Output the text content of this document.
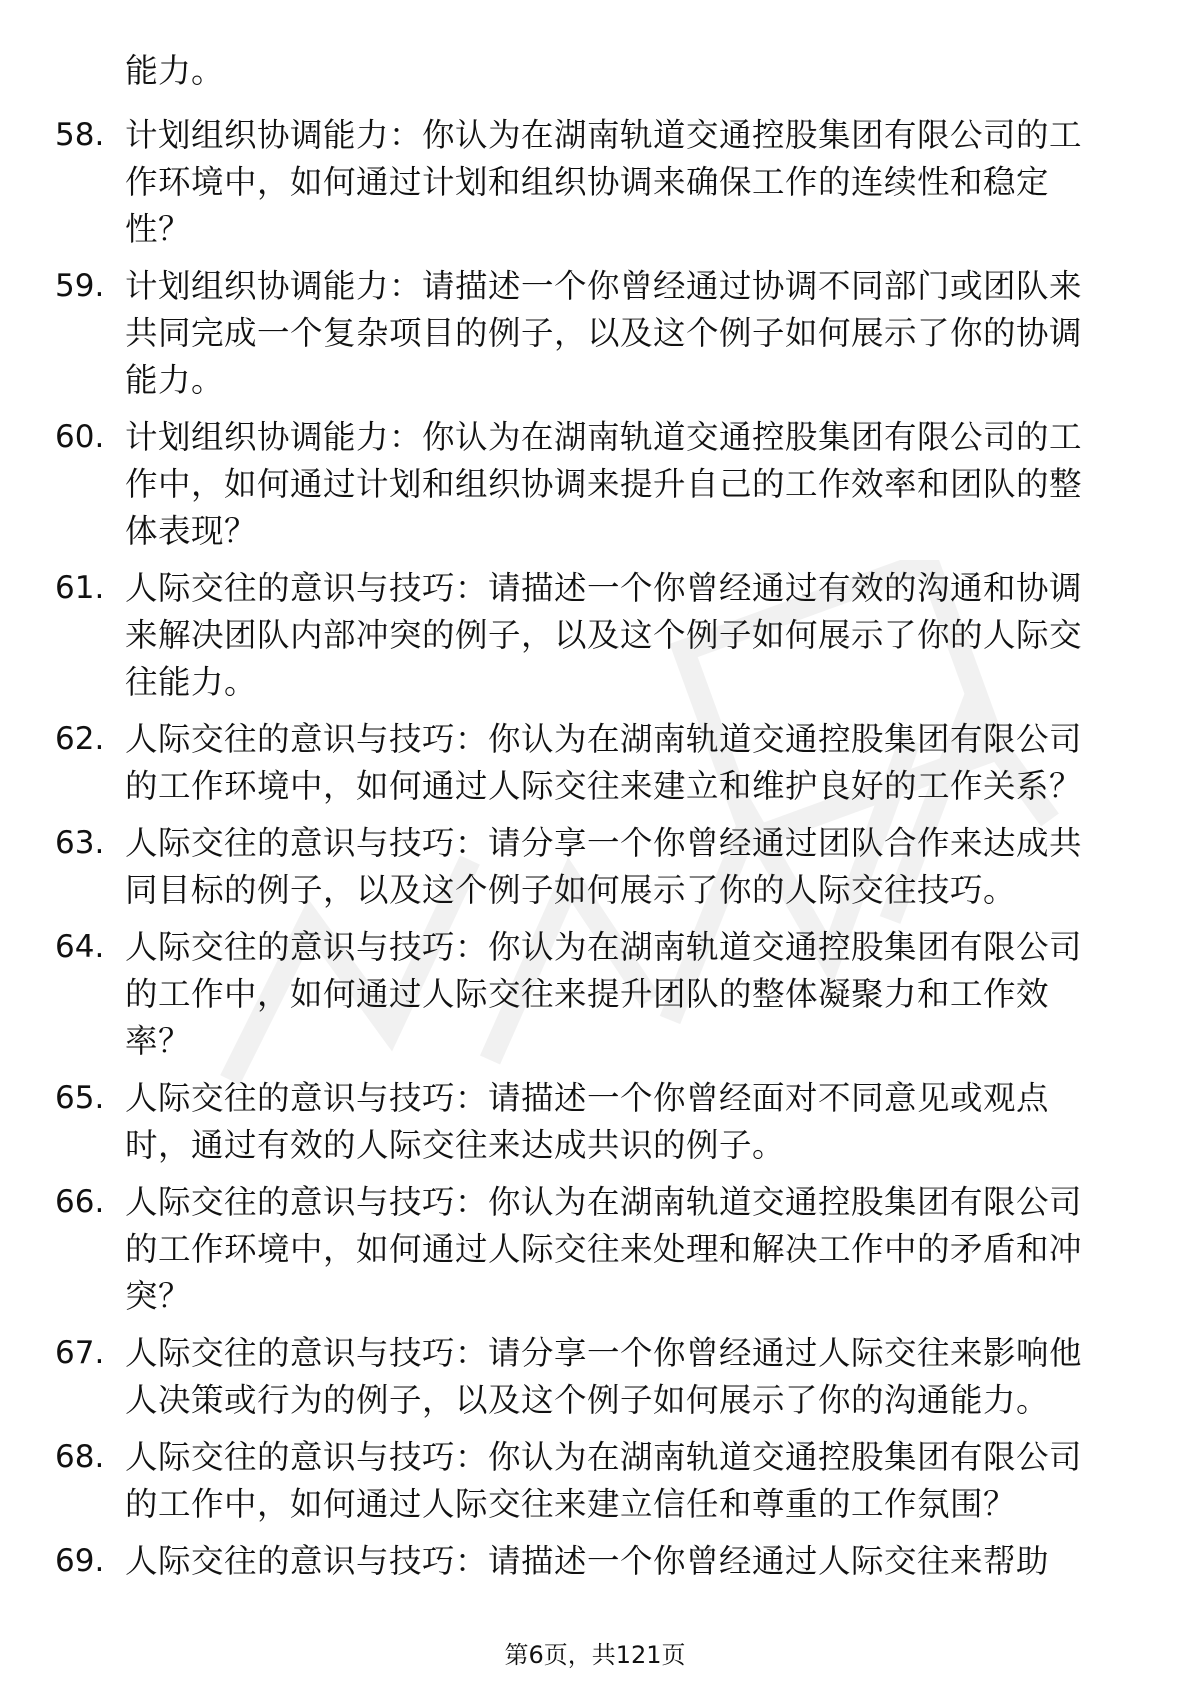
能力。

58. 计划组织协调能力：你认为在湖南轨道交通控股集团有限公司的工作环境中，如何通过计划和组织协调来确保工作的连续性和稳定性？
59. 计划组织协调能力：请描述一个你曾经通过协调不同部门或团队来共同完成一个复杂项目的例子，以及这个例子如何展示了你的协调能力。
60. 计划组织协调能力：你认为在湖南轨道交通控股集团有限公司的工作中，如何通过计划和组织协调来提升自己的工作效率和团队的整体表现？
61. 人际交往的意识与技巧：请描述一个你曾经通过有效的沟通和协调来解决团队内部冲突的例子，以及这个例子如何展示了你的人际交往能力。
62. 人际交往的意识与技巧：你认为在湖南轨道交通控股集团有限公司的工作环境中，如何通过人际交往来建立和维护良好的工作关系？
63. 人际交往的意识与技巧：请分享一个你曾经通过团队合作来达成共同目标的例子，以及这个例子如何展示了你的人际交往技巧。
64. 人际交往的意识与技巧：你认为在湖南轨道交通控股集团有限公司的工作中，如何通过人际交往来提升团队的整体凝聚力和工作效率？
65. 人际交往的意识与技巧：请描述一个你曾经面对不同意见或观点时，通过有效的人际交往来达成共识的例子。
66. 人际交往的意识与技巧：你认为在湖南轨道交通控股集团有限公司的工作环境中，如何通过人际交往来处理和解决工作中的矛盾和冲突？
67. 人际交往的意识与技巧：请分享一个你曾经通过人际交往来影响他人决策或行为的例子，以及这个例子如何展示了你的沟通能力。
68. 人际交往的意识与技巧：你认为在湖南轨道交通控股集团有限公司的工作中，如何通过人际交往来建立信任和尊重的工作氛围？
69. 人际交往的意识与技巧：请描述一个你曾经通过人际交往来帮助
第6页，共121页
